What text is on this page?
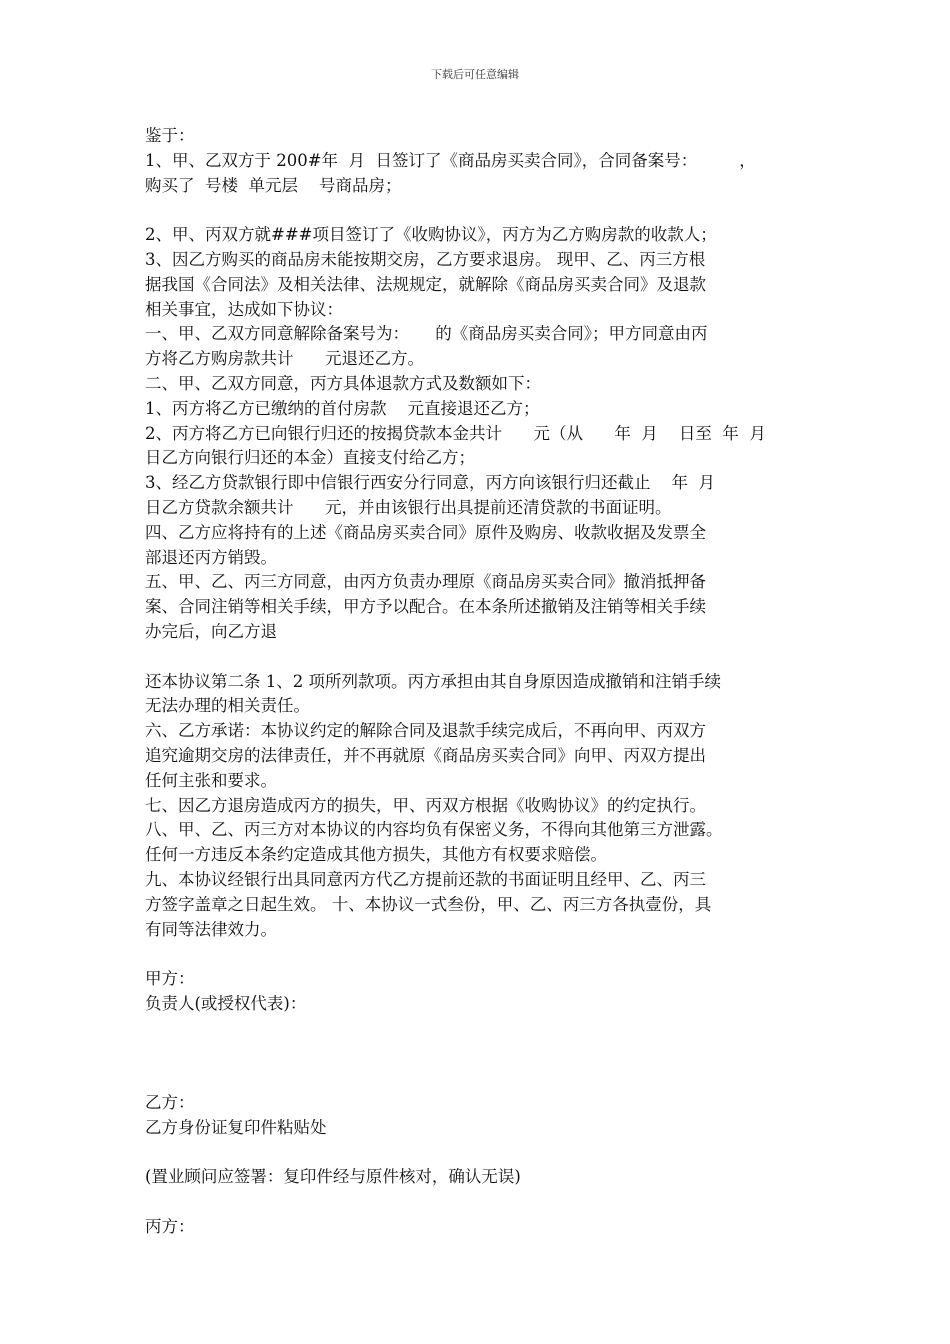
下载后可任意编辑

鉴于：

1、甲、乙双方于 200#年  月  日签订了《商品房买卖合同》，合同备案号：        ，

购买了  号楼  单元层    号商品房；

2、甲、丙双方就###项目签订了《收购协议》，丙方为乙方购房款的收款人；

3、因乙方购买的商品房未能按期交房，乙方要求退房。 现甲、乙、丙三方根

据我国《合同法》及相关法律、法规规定，就解除《商品房买卖合同》及退款

相关事宜，达成如下协议：

一、甲、乙双方同意解除备案号为：     的《商品房买卖合同》；甲方同意由丙

方将乙方购房款共计      元退还乙方。

二、甲、乙双方同意，丙方具体退款方式及数额如下：

1、丙方将乙方已缴纳的首付房款    元直接退还乙方；

2、丙方将乙方已向银行归还的按揭贷款本金共计      元（从      年  月    日至  年  月

日乙方向银行归还的本金）直接支付给乙方；

3、经乙方贷款银行即中信银行西安分行同意，丙方向该银行归还截止    年  月

日乙方贷款余额共计      元，并由该银行出具提前还清贷款的书面证明。

四、乙方应将持有的上述《商品房买卖合同》原件及购房、收款收据及发票全

部退还丙方销毁。

五、甲、乙、丙三方同意，由丙方负责办理原《商品房买卖合同》撤消抵押备

案、合同注销等相关手续，甲方予以配合。在本条所述撤销及注销等相关手续

办完后，向乙方退

还本协议第二条 1、2 项所列款项。丙方承担由其自身原因造成撤销和注销手续

无法办理的相关责任。

六、乙方承诺：本协议约定的解除合同及退款手续完成后，不再向甲、丙双方

追究逾期交房的法律责任，并不再就原《商品房买卖合同》向甲、丙双方提出

任何主张和要求。

七、因乙方退房造成丙方的损失，甲、丙双方根据《收购协议》的约定执行。

八、甲、乙、丙三方对本协议的内容均负有保密义务，不得向其他第三方泄露。

任何一方违反本条约定造成其他方损失，其他方有权要求赔偿。

九、本协议经银行出具同意丙方代乙方提前还款的书面证明且经甲、乙、丙三

方签字盖章之日起生效。 十、本协议一式叁份，甲、乙、丙三方各执壹份，具

有同等法律效力。

甲方：

负责人(或授权代表)：

乙方：

乙方身份证复印件粘贴处

(置业顾问应签署：复印件经与原件核对，确认无误)

丙方：
